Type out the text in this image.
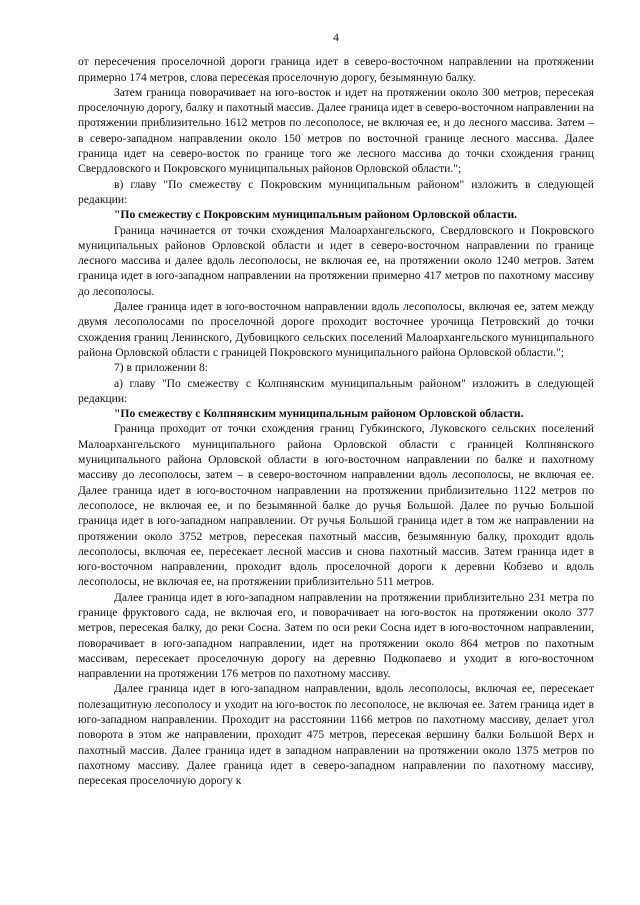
4

от пересечения проселочной дороги граница идет в северо-восточном направлении на протяжении примерно 174 метров, слова пересекая проселочную дорогу, безымянную балку.

Затем граница поворачивает на юго-восток и идет на протяжении около 300 метров, пересекая проселочную дорогу, балку и пахотный массив. Далее граница идет в северо-восточном направлении на протяжении приблизительно 1612 метров по лесополосе, не включая ее, и до лесного массива. Затем – в северо-западном направлении около 150 метров по восточной границе лесного массива. Далее граница идет на северо-восток по границе того же лесного массива до точки схождения границ Свердловского и Покровского муниципальных районов Орловской области.";

в) главу "По смежеству с Покровским муниципальным районом" изложить в следующей редакции:

"По смежеству с Покровским муниципальным районом Орловской области.

Граница начинается от точки схождения Малоархангельского, Свердловского и Покровского муниципальных районов Орловской области и идет в северо-восточном направлении по границе лесного массива и далее вдоль лесополосы, не включая ее, на протяжении около 1240 метров. Затем граница идет в юго-западном направлении на протяжении примерно 417 метров по пахотному массиву до лесополосы.

Далее граница идет в юго-восточном направлении вдоль лесополосы, включая ее, затем между двумя лесополосами по проселочной дороге проходит восточнее урочища Петровский до точки схождения границ Ленинского, Дубовицкого сельских поселений Малоархангельского муниципального района Орловской области с границей Покровского муниципального района Орловской области.";

7) в приложении 8:

а) главу "По смежеству с Колпнянским муниципальным районом" изложить в следующей редакции:

"По смежеству с Колпнянским муниципальным районом Орловской области.

Граница проходит от точки схождения границ Губкинского, Луковского сельских поселений Малоархангельского муниципального района Орловской области с границей Колпнянского муниципального района Орловской области в юго-восточном направлении по балке и пахотному массиву до лесополосы, затем – в северо-восточном направлении вдоль лесополосы, не включая ее. Далее граница идет в юго-восточном направлении на протяжении приблизительно 1122 метров по лесополосе, не включая ее, и по безымянной балке до ручья Большой. Далее по ручью Большой граница идет в юго-западном направлении. От ручья Большой граница идет в том же направлении на протяжении около 3752 метров, пересекая пахотный массив, безымянную балку, проходит вдоль лесополосы, включая ее, пересекает лесной массив и снова пахотный массив. Затем граница идет в юго-восточном направлении, проходит вдоль проселочной дороги к деревни Кобзево и вдоль лесополосы, не включая ее, на протяжении приблизительно 511 метров.

Далее граница идет в юго-западном направлении на протяжении приблизительно 231 метра по границе фруктового сада, не включая его, и поворачивает на юго-восток на протяжении около 377 метров, пересекая балку, до реки Сосна. Затем по оси реки Сосна идет в юго-восточном направлении, поворачивает в юго-западном направлении, идет на протяжении около 864 метров по пахотным массивам, пересекает проселочную дорогу на деревню Подкопаево и уходит в юго-восточном направлении на протяжении 176 метров по пахотному массиву.

Далее граница идет в юго-западном направлении, вдоль лесополосы, включая ее, пересекает полезащитную лесополосу и уходит на юго-восток по лесополосе, не включая ее. Затем граница идет в юго-западном направлении. Проходит на расстоянии 1166 метров по пахотному массиву, делает угол поворота в этом же направлении, проходит 475 метров, пересекая вершину балки Большой Верх и пахотный массив. Далее граница идет в западном направлении на протяжении около 1375 метров по пахотному массиву. Далее граница идет в северо-западном направлении по пахотному массиву, пересекая проселочную дорогу к
